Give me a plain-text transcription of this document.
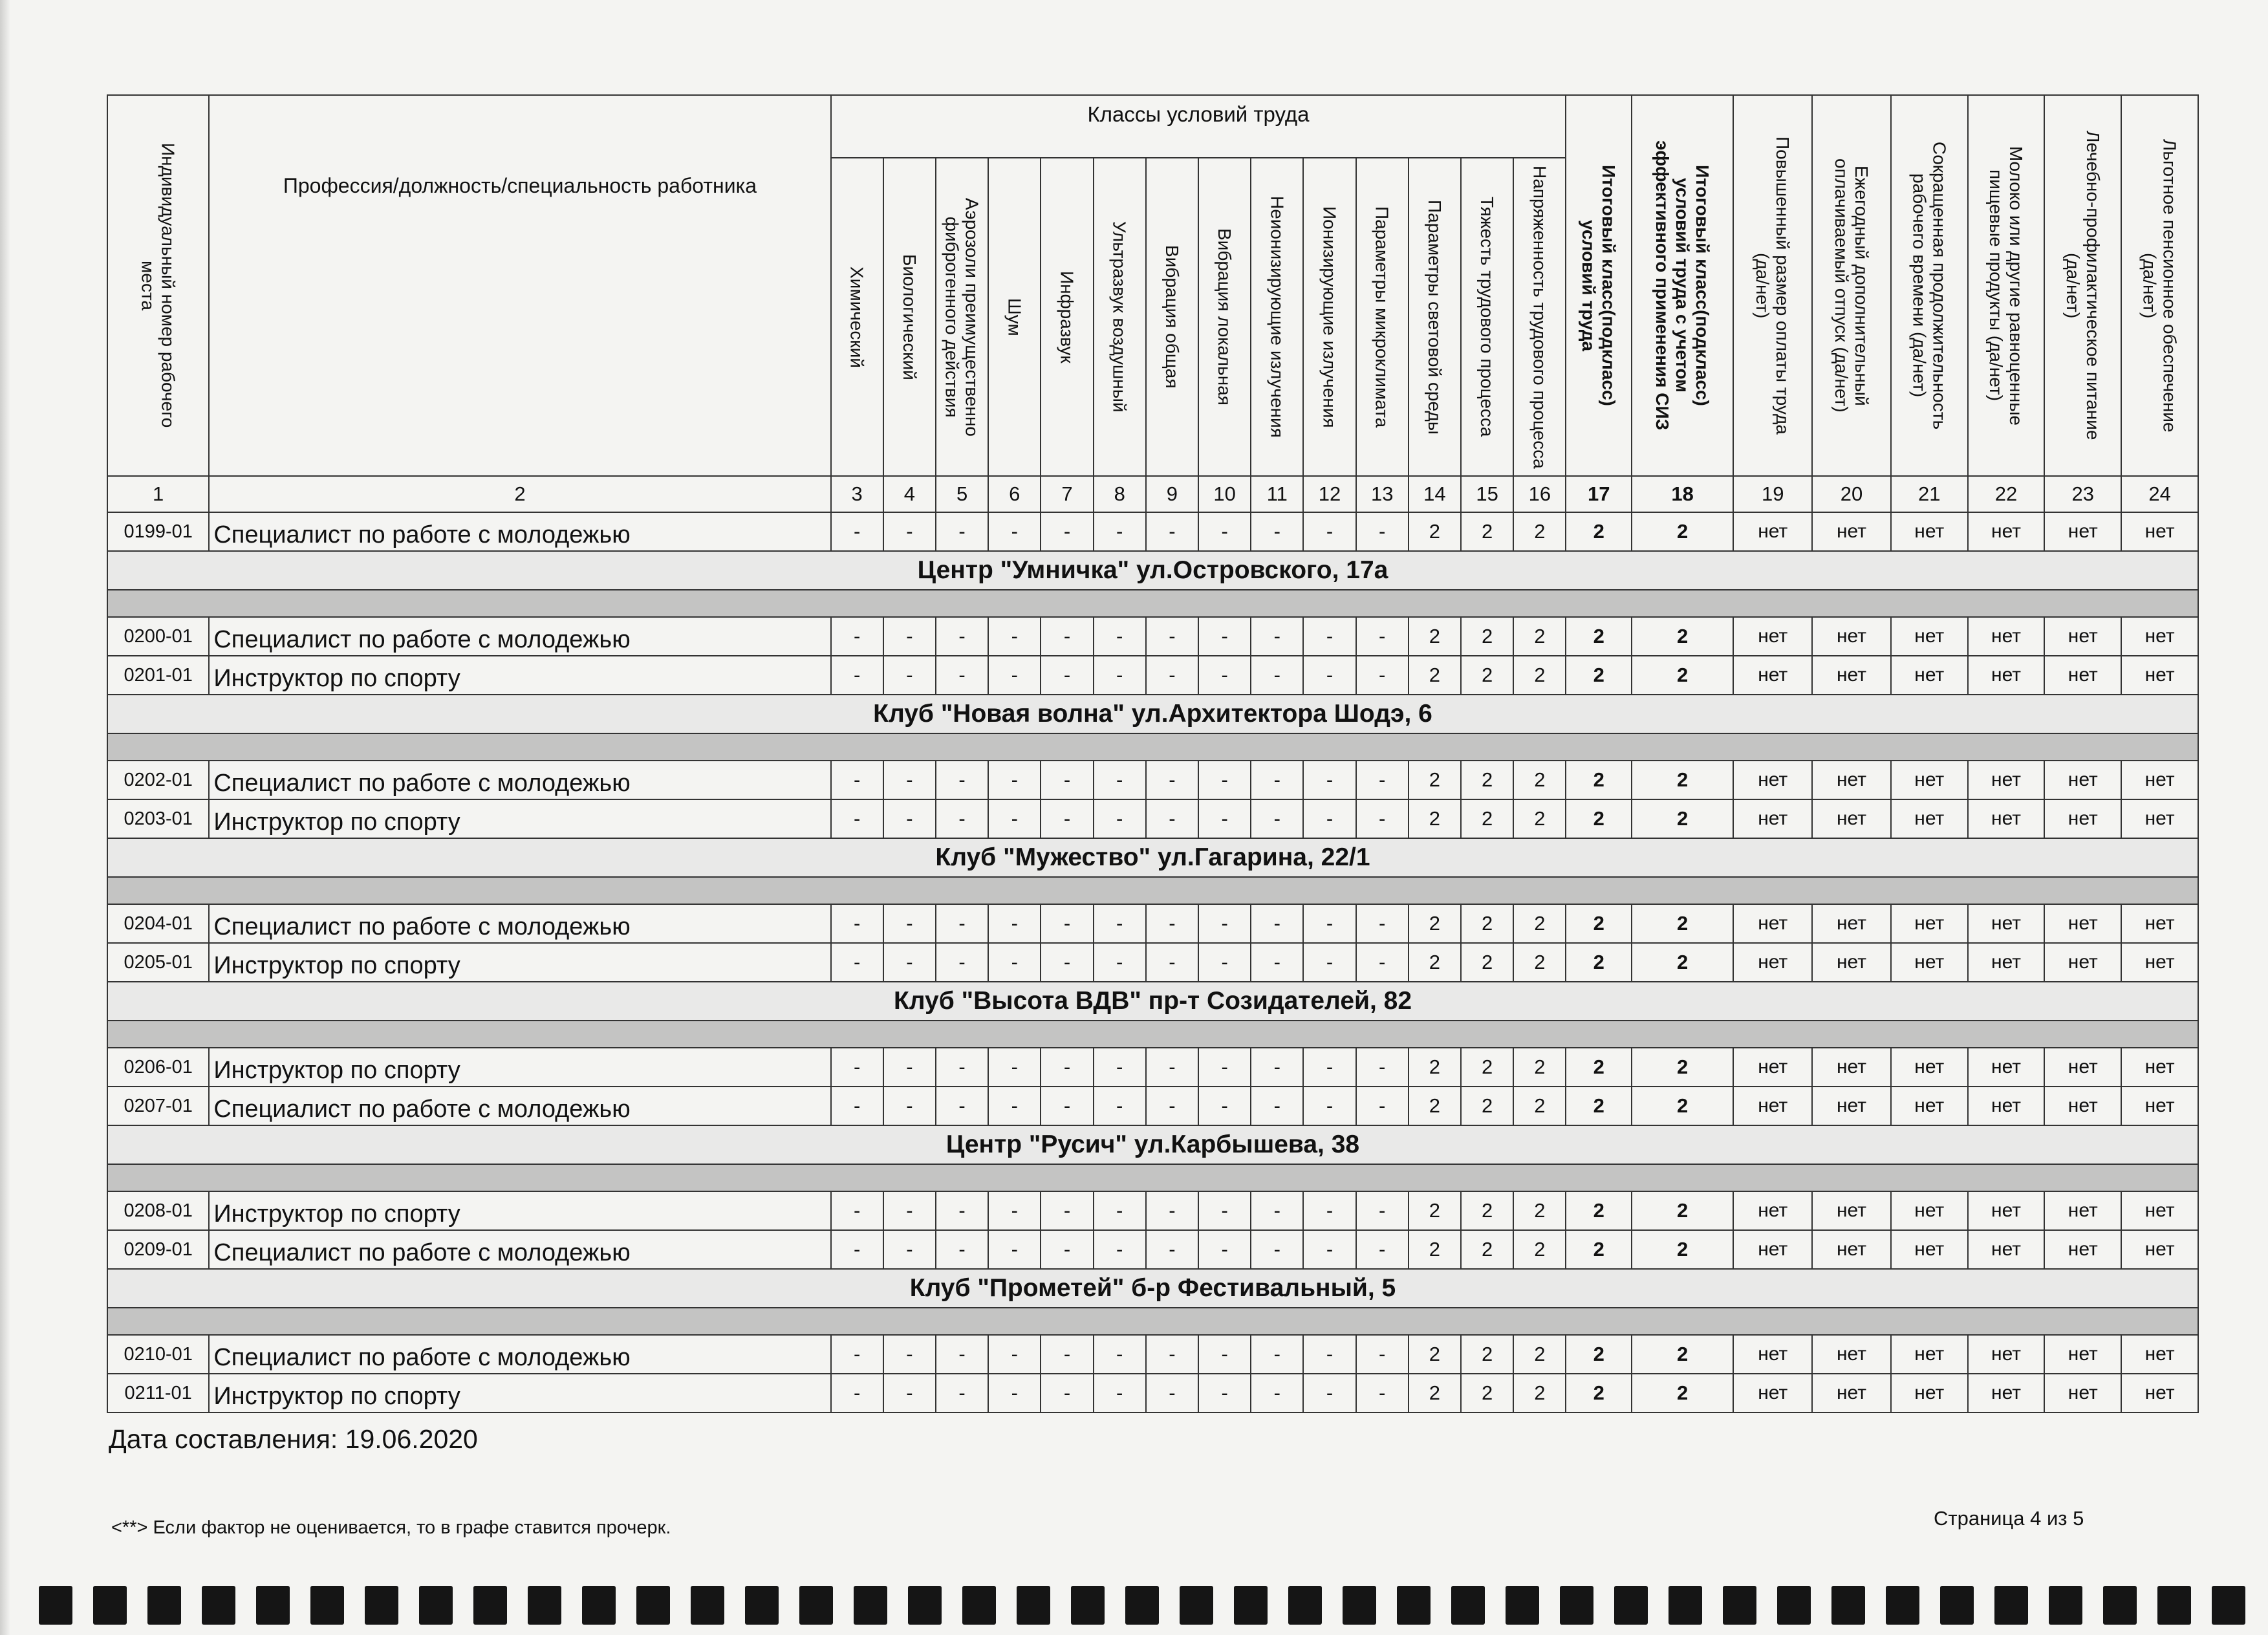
Индивидуальный номер рабочего места	Профессия/должность/специальность работника	Классы условий труда														Итоговый класс(подкласс) условий труда	Итоговый класс(подкласс) условий труда с учетом эффективного применения СИЗ	Повышенный размер оплаты труда (да/нет)	Ежегодный дополнительный оплачиваемый отпуск (да/нет)	Сокращенная продолжительность рабочего времени (да/нет)	Молоко или другие равноценные пищевые продукты (да/нет)	Лечебно-профилактическое питание (да/нет)	Льготное пенсионное обеспечение (да/нет)

		Химический	Биологический	Аэрозоли преимущественно фиброгенного действия	Шум	Инфразвук	Ультразвук воздушный	Вибрация общая	Вибрация локальная	Неионизирующие излучения	Ионизирующие излучения	Параметры микроклимата	Параметры световой среды	Тяжесть трудового процесса	Напряженность трудового процесса								

1	2	3	4	5	6	7	8	9	10	11	12	13	14	15	16	17	18	19	20	21	22	23	24
0199-01	Специалист по работе с молодежью	-	-	-	-	-	-	-	-	-	-	-	2	2	2	2	2	нет	нет	нет	нет	нет	нет
Центр "Умничка" ул.Островского, 17а																							

0200-01	Специалист по работе с молодежью	-	-	-	-	-	-	-	-	-	-	-	2	2	2	2	2	нет	нет	нет	нет	нет	нет
0201-01	Инструктор по спорту	-	-	-	-	-	-	-	-	-	-	-	2	2	2	2	2	нет	нет	нет	нет	нет	нет
Клуб "Новая волна" ул.Архитектора Шодэ, 6																							

0202-01	Специалист по работе с молодежью	-	-	-	-	-	-	-	-	-	-	-	2	2	2	2	2	нет	нет	нет	нет	нет	нет
0203-01	Инструктор по спорту	-	-	-	-	-	-	-	-	-	-	-	2	2	2	2	2	нет	нет	нет	нет	нет	нет
Клуб "Мужество" ул.Гагарина, 22/1																							

0204-01	Специалист по работе с молодежью	-	-	-	-	-	-	-	-	-	-	-	2	2	2	2	2	нет	нет	нет	нет	нет	нет
0205-01	Инструктор по спорту	-	-	-	-	-	-	-	-	-	-	-	2	2	2	2	2	нет	нет	нет	нет	нет	нет
Клуб "Высота ВДВ" пр-т Созидателей, 82																							

0206-01	Инструктор по спорту	-	-	-	-	-	-	-	-	-	-	-	2	2	2	2	2	нет	нет	нет	нет	нет	нет
0207-01	Специалист по работе с молодежью	-	-	-	-	-	-	-	-	-	-	-	2	2	2	2	2	нет	нет	нет	нет	нет	нет
Центр "Русич" ул.Карбышева, 38																							

0208-01	Инструктор по спорту	-	-	-	-	-	-	-	-	-	-	-	2	2	2	2	2	нет	нет	нет	нет	нет	нет
0209-01	Специалист по работе с молодежью	-	-	-	-	-	-	-	-	-	-	-	2	2	2	2	2	нет	нет	нет	нет	нет	нет
Клуб "Прометей" б-р Фестивальный, 5																							

0210-01	Специалист по работе с молодежью	-	-	-	-	-	-	-	-	-	-	-	2	2	2	2	2	нет	нет	нет	нет	нет	нет
0211-01	Инструктор по спорту	-	-	-	-	-	-	-	-	-	-	-	2	2	2	2	2	нет	нет	нет	нет	нет	нет
Дата составления: 19.06.2020
<**> Если фактор не оценивается, то в графе ставится прочерк.	Страница 4 из 5
